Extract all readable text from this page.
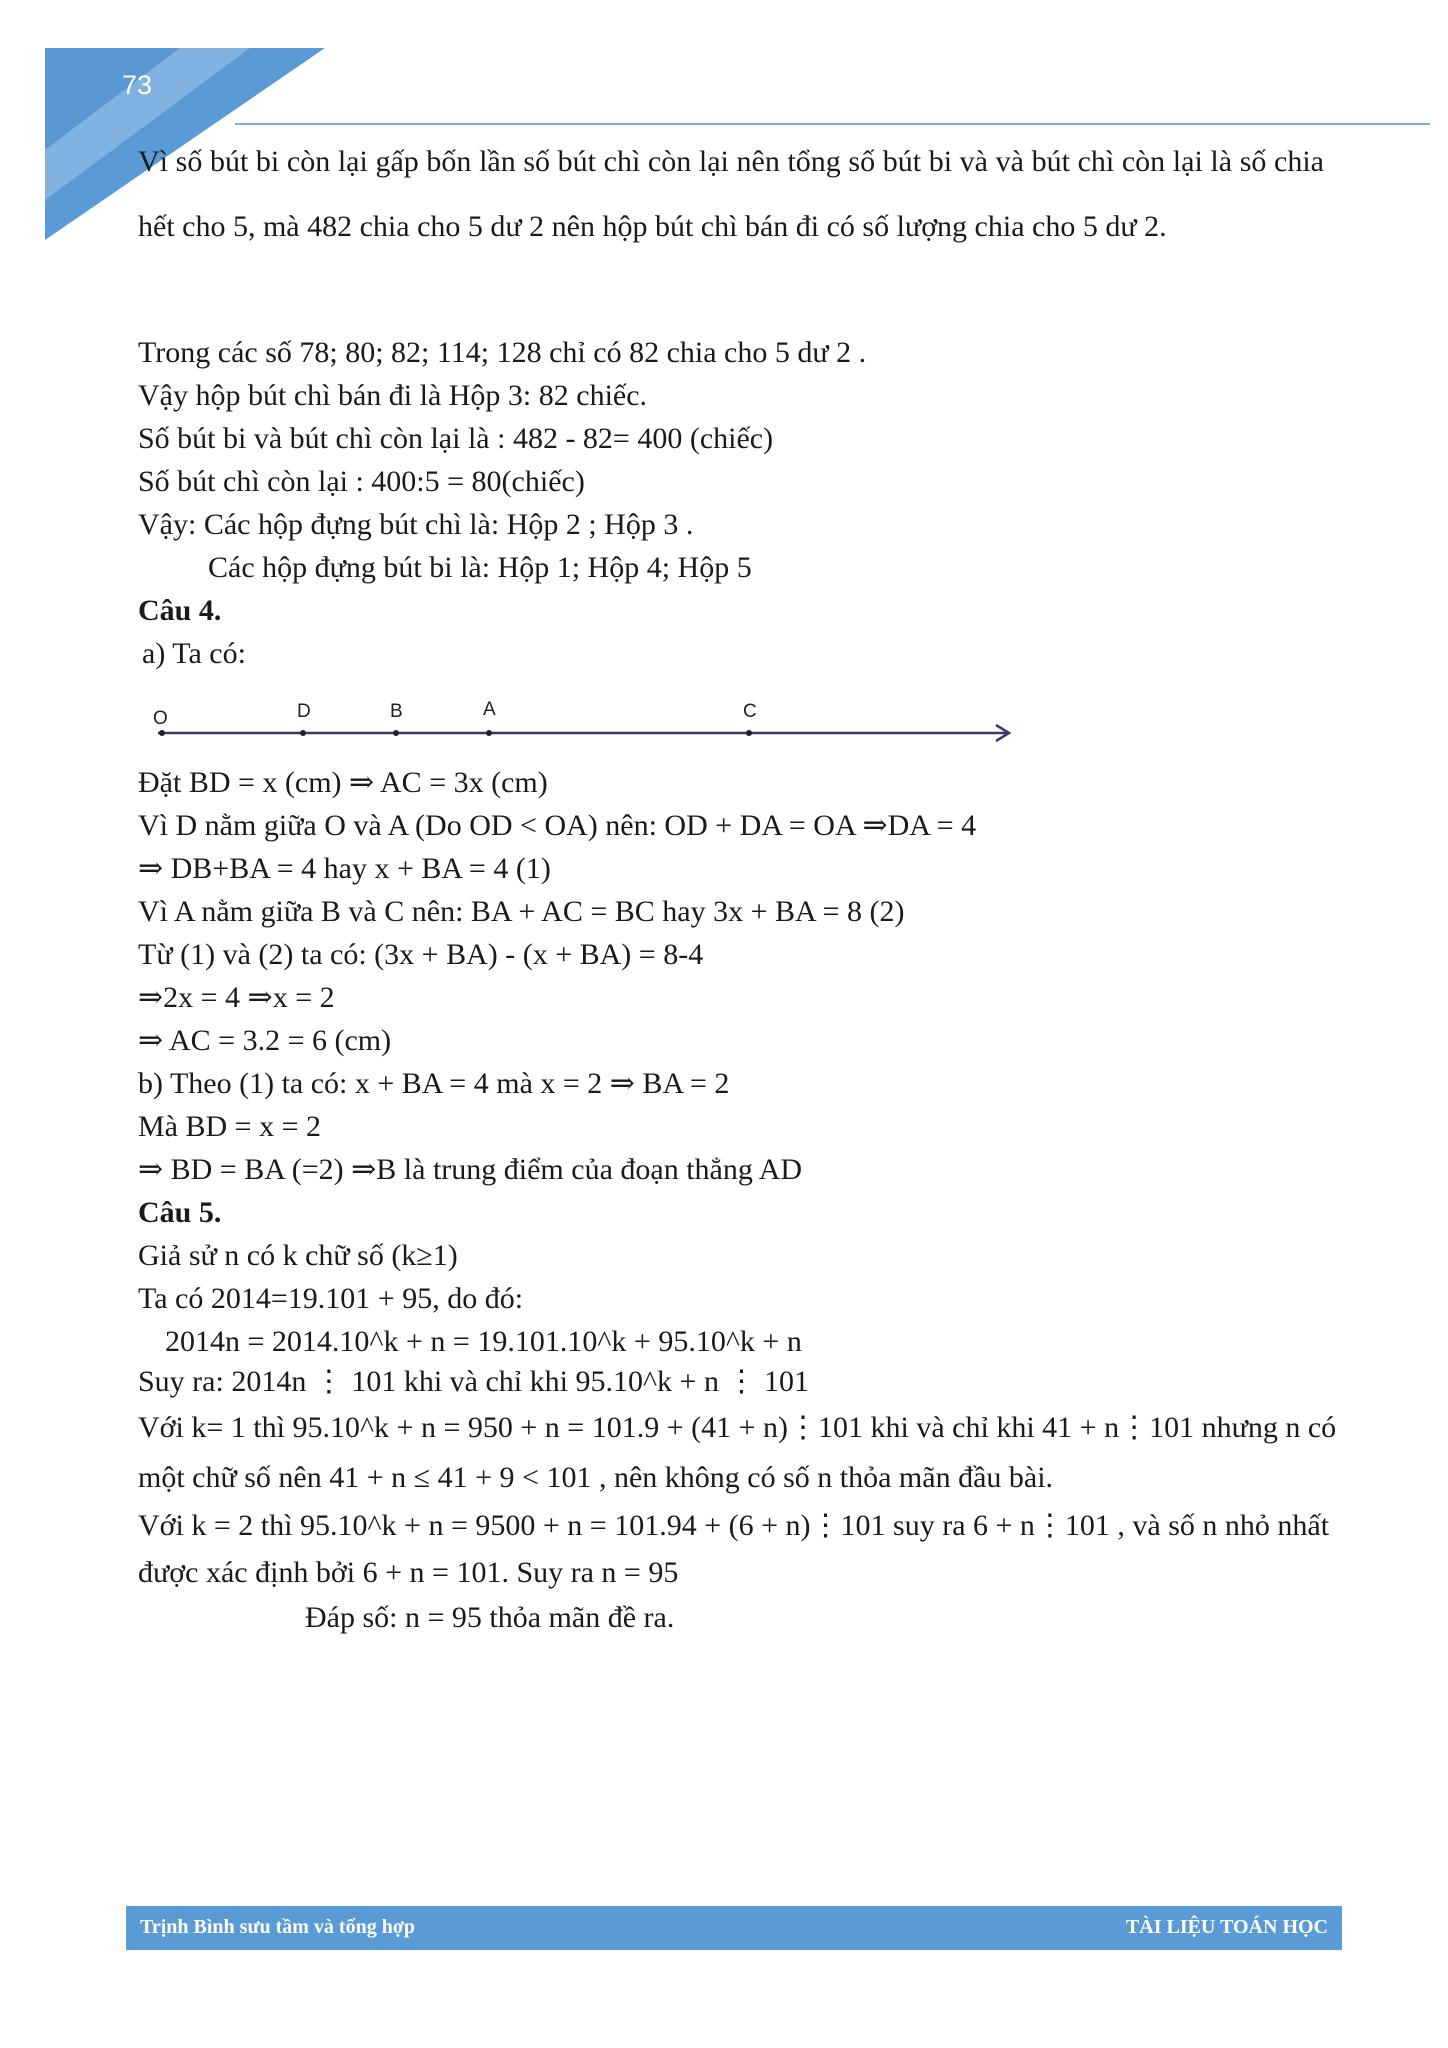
73
Vì số bút bi còn lại gấp bốn lần số bút chì còn lại nên tổng số bút bi và và bút chì còn lại là số chia hết cho 5, mà 482 chia cho 5 dư 2 nên hộp bút chì bán đi có số lượng chia cho 5 dư 2.
Trong các số 78; 80; 82; 114; 128 chỉ có 82 chia cho 5 dư 2 .
Vậy hộp bút chì bán đi là Hộp 3: 82 chiếc.
Số bút bi và bút chì còn lại là : 482 - 82= 400 (chiếc)
Số bút chì còn lại : 400:5 = 80(chiếc)
Vậy: Các hộp đựng bút chì là: Hộp 2 ; Hộp 3 .
Các hộp đựng bút bi là: Hộp 1; Hộp 4; Hộp 5
Câu 4.
a) Ta có:
O	D	B	A	C
Đặt BD = x (cm) ⇒ AC = 3x (cm)
Vì D nằm giữa O và A (Do OD < OA) nên: OD + DA = OA ⇒DA = 4
⇒ DB+BA = 4 hay x + BA = 4 (1)
Vì A nằm giữa B và C nên: BA + AC = BC hay 3x + BA = 8 (2)
Từ (1) và (2) ta có: (3x + BA) - (x + BA) = 8-4
⇒2x = 4 ⇒x = 2
⇒ AC = 3.2 = 6 (cm)
b) Theo (1) ta có: x + BA = 4 mà x = 2 ⇒ BA = 2
Mà BD = x = 2
⇒ BD = BA (=2) ⇒B là trung điểm của đoạn thẳng AD
Câu 5.
Giả sử n có k chữ số (k≥1)
Ta có 2014=19.101 + 95, do đó:
2014n = 2014.10^k + n = 19.101.10^k + 95.10^k + n
Suy ra: 2014n ⋮ 101 khi và chỉ khi 95.10^k + n ⋮ 101
Với k= 1 thì 95.10^k + n = 950 + n = 101.9 + (41 + n)⋮101 khi và chỉ khi 41 + n⋮101 nhưng n có
một chữ số nên 41 + n ≤ 41 + 9 < 101 , nên không có số n thỏa mãn đầu bài.
Với k = 2 thì 95.10^k + n = 9500 + n = 101.94 + (6 + n)⋮101 suy ra 6 + n⋮101 , và số n nhỏ nhất
được xác định bởi 6 + n = 101. Suy ra n = 95
Đáp số: n = 95 thỏa mãn đề ra.
Trịnh Bình sưu tầm và tổng hợp	TÀI LIỆU TOÁN HỌC
